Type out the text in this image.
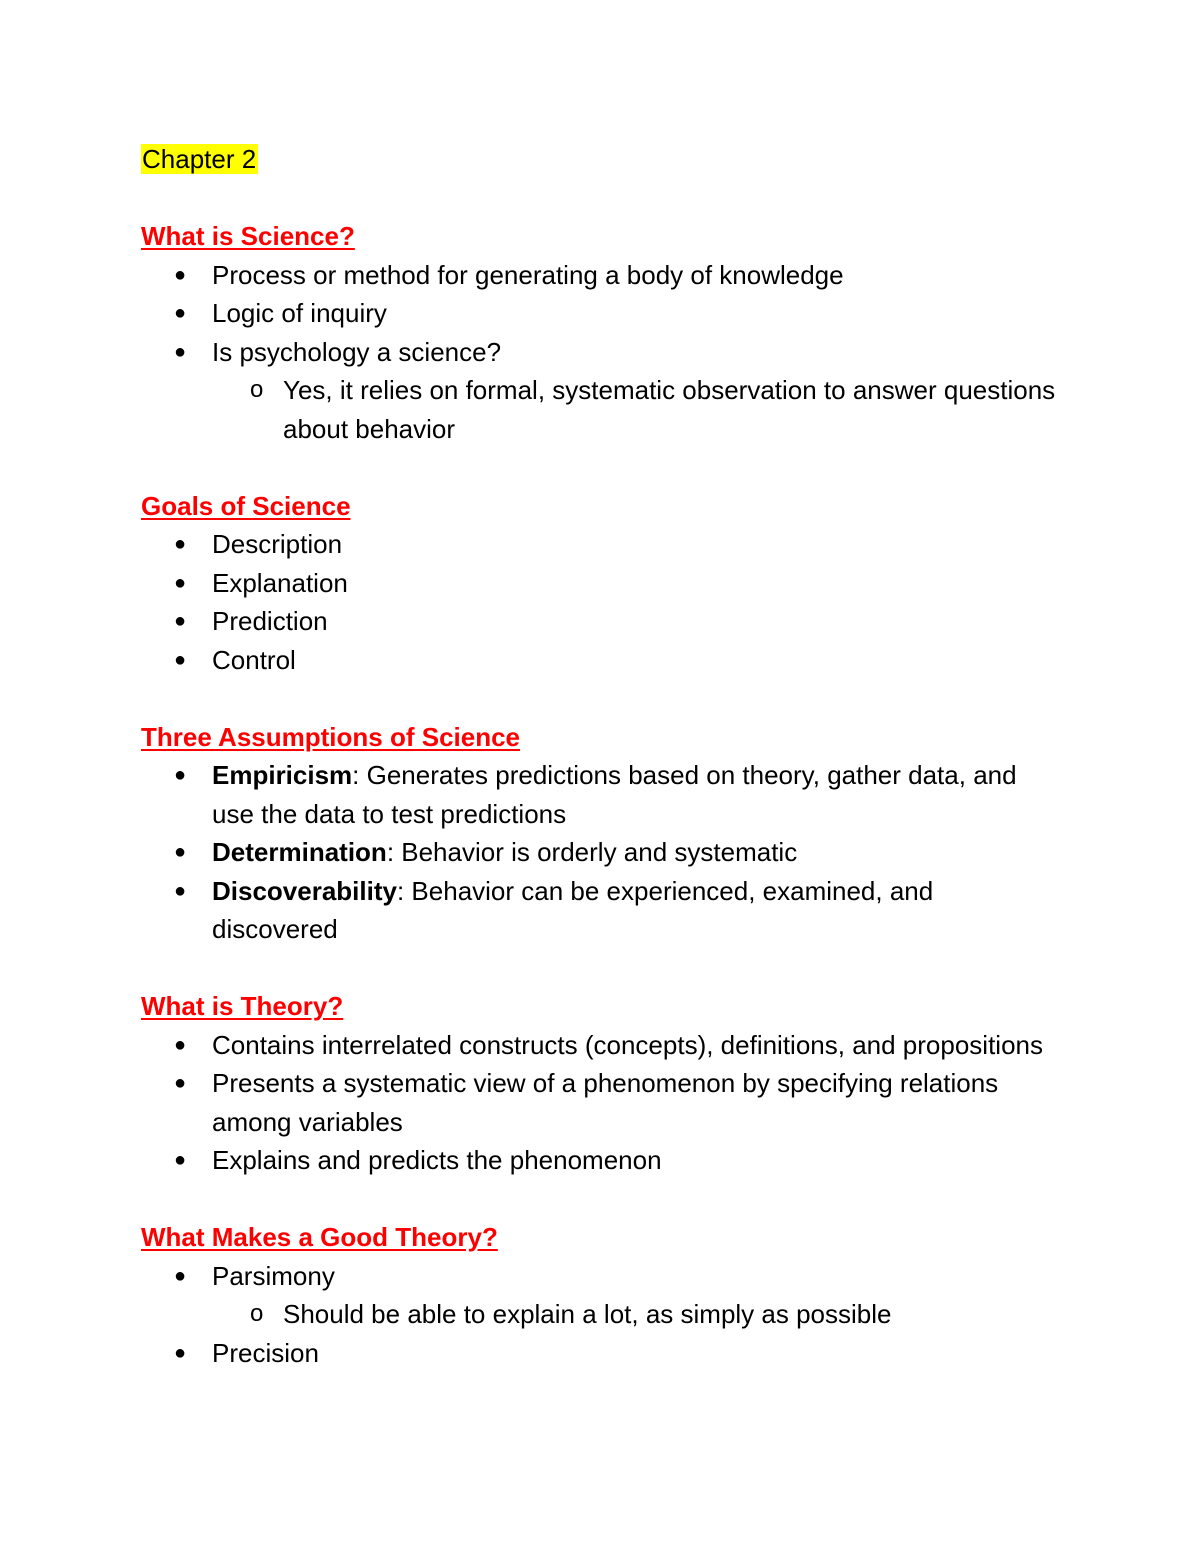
Chapter 2
What is Science?
● Process or method for generating a body of knowledge
● Logic of inquiry
● Is psychology a science?
o Yes, it relies on formal, systematic observation to answer questions about behavior
Goals of Science
● Description
● Explanation
● Prediction
● Control
Three Assumptions of Science
● Empiricism: Generates predictions based on theory, gather data, and use the data to test predictions
● Determination: Behavior is orderly and systematic
● Discoverability: Behavior can be experienced, examined, and discovered
What is Theory?
● Contains interrelated constructs (concepts), definitions, and propositions
● Presents a systematic view of a phenomenon by specifying relations among variables
● Explains and predicts the phenomenon
What Makes a Good Theory?
● Parsimony
o Should be able to explain a lot, as simply as possible
● Precision
